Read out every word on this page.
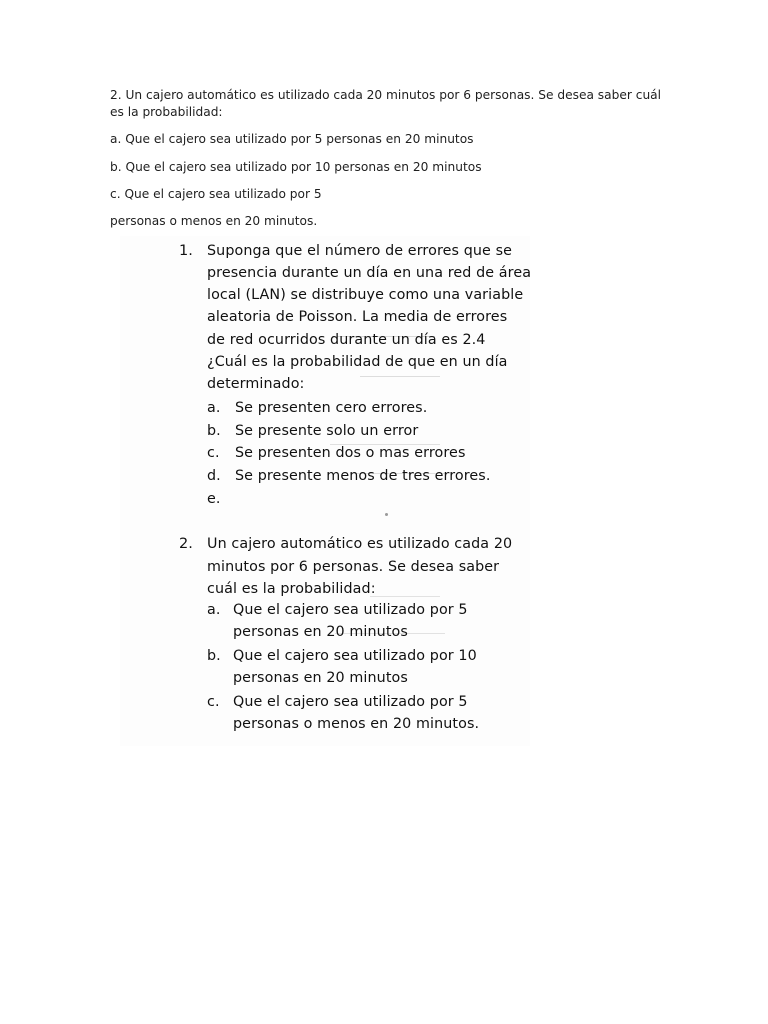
2. Un cajero automático es utilizado cada 20 minutos por 6 personas. Se desea saber cuál es la probabilidad:

a. Que el cajero sea utilizado por 5 personas en 20 minutos

b. Que el cajero sea utilizado por 10 personas en 20 minutos

c. Que el cajero sea utilizado por 5

personas o menos en 20 minutos.

1. Suponga que el número de errores que se
presencia durante un día en una red de área
local (LAN) se distribuye como una variable
aleatoria de Poisson. La media de errores
de red ocurridos durante un día es 2.4
¿Cuál es la probabilidad de que en un día
determinado:
a. Se presenten cero errores.
b. Se presente solo un error
c. Se presenten dos o mas errores
d. Se presente menos de tres errores.
e.
2. Un cajero automático es utilizado cada 20
minutos por 6 personas. Se desea saber
cuál es la probabilidad:
a. Que el cajero sea utilizado por 5
personas en 20 minutos
b. Que el cajero sea utilizado por 10
personas en 20 minutos
c. Que el cajero sea utilizado por 5
personas o menos en 20 minutos.
